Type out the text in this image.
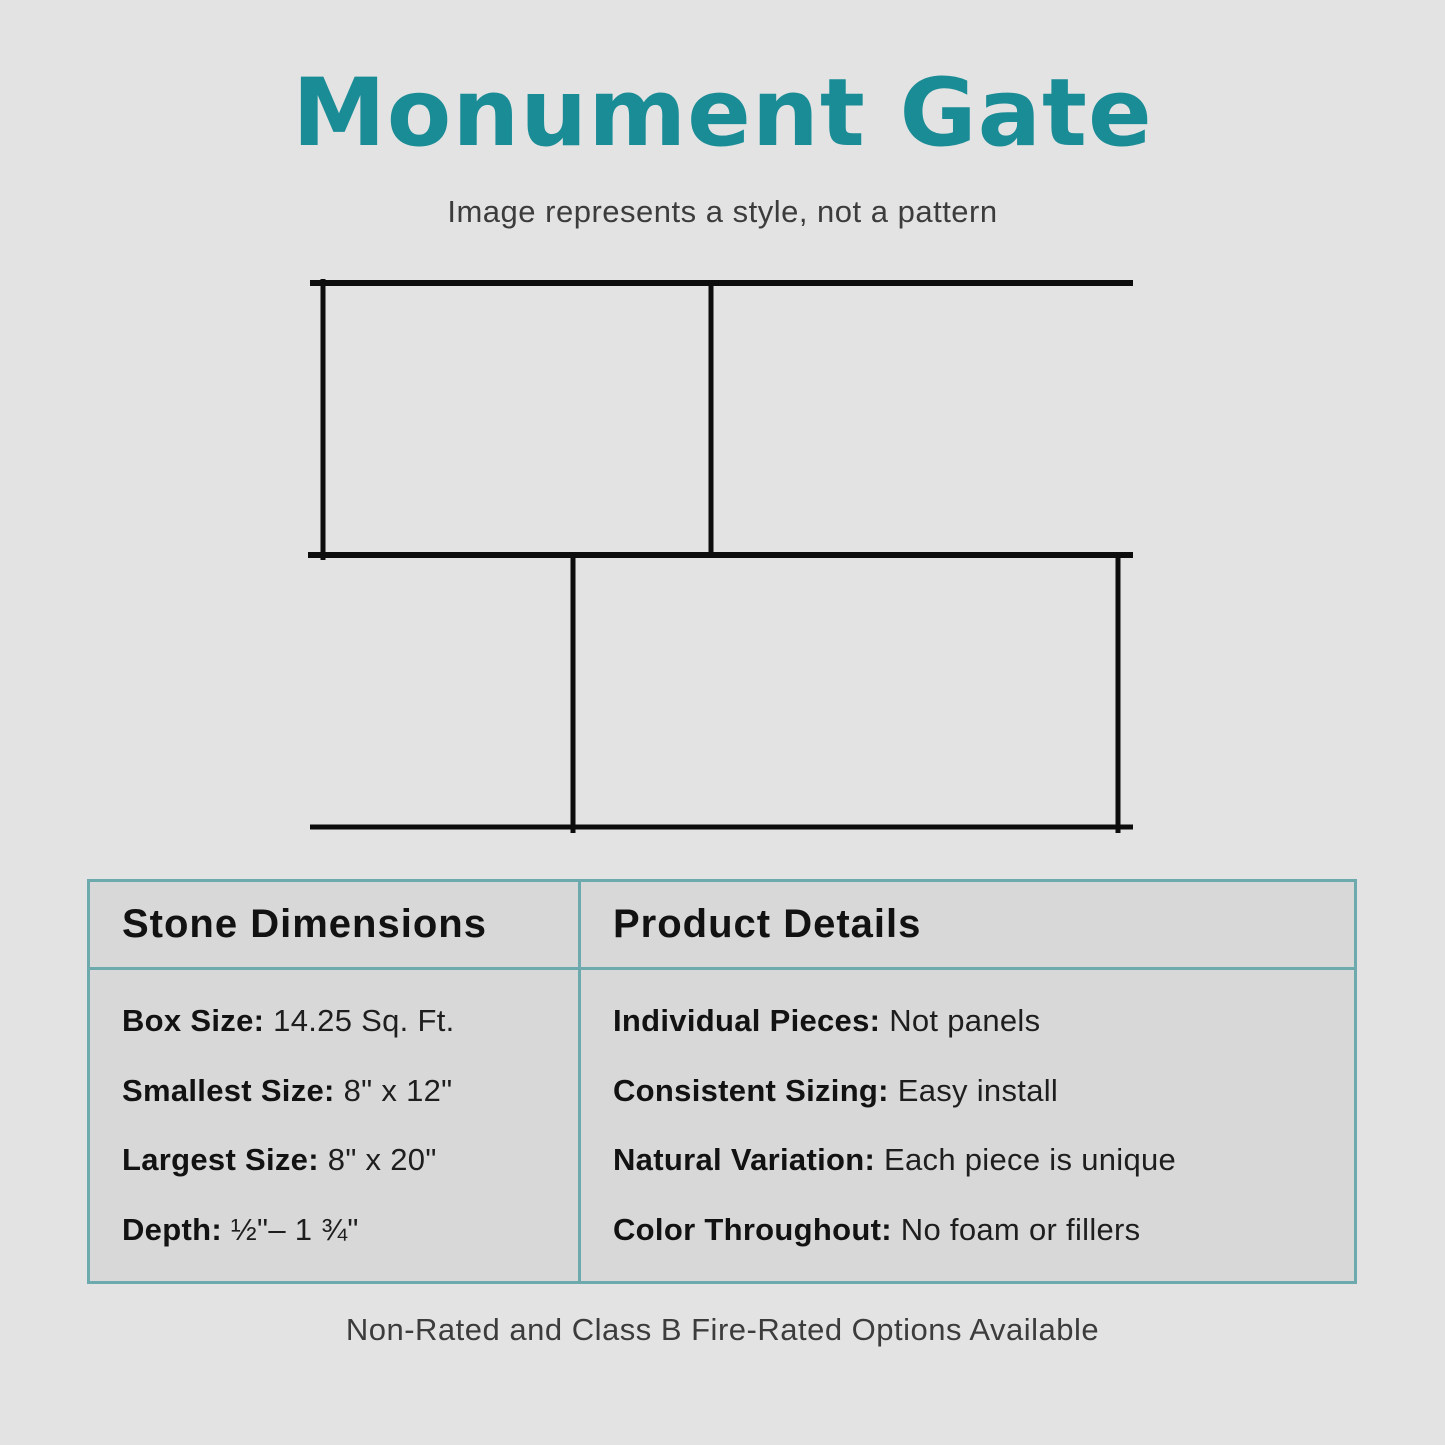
Monument Gate
Image represents a style, not a pattern
Stone Dimensions
Box Size: 14.25 Sq. Ft.
Smallest Size: 8" x 12"
Largest Size: 8" x 20"
Depth: ½"– 1 ¾"
Product Details
Individual Pieces: Not panels
Consistent Sizing: Easy install
Natural Variation: Each piece is unique
Color Throughout: No foam or fillers
Non-Rated and Class B Fire-Rated Options Available
